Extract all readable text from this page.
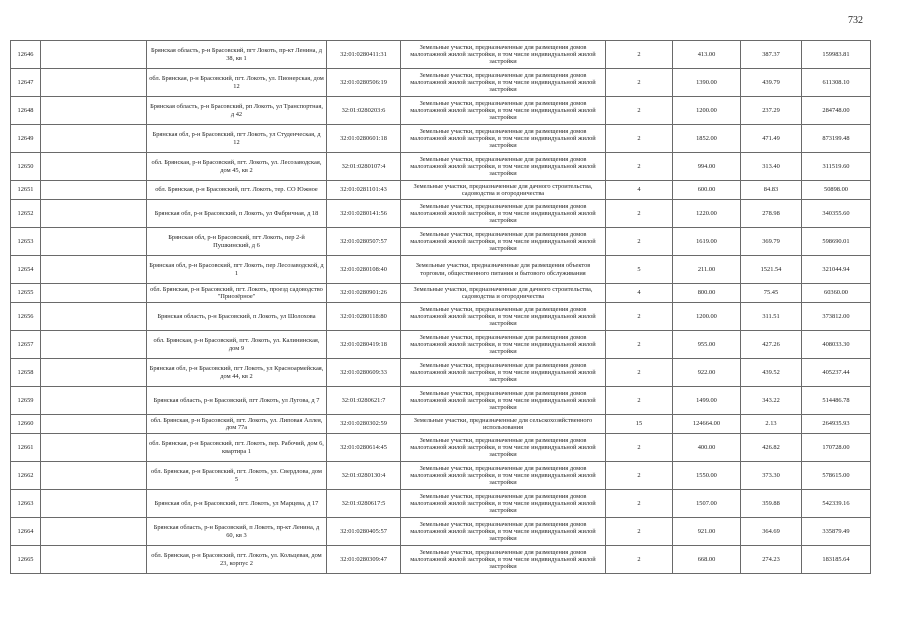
732
12646		Брянская область, р-н Брасовский, пгт Локоть, пр-кт Ленина, д 38, кв 1	32:01:0280411:31	Земельные участки, предназначенные для размещения домов малоэтажной жилой застройки, в том числе индивидуальной жилой застройки	2	413.00	387.37	159983.81
12647		обл. Брянская, р-н Брасовский, пгт. Локоть, ул. Пионерская, дом 12	32:01:0280506:19	Земельные участки, предназначенные для размещения домов малоэтажной жилой застройки, в том числе индивидуальной жилой застройки	2	1390.00	439.79	611308.10
12648		Брянская область, р-н Брасовский, рп Локоть, ул Транспортная, д 42	32:01:0280203:6	Земельные участки, предназначенные для размещения домов малоэтажной жилой застройки, в том числе индивидуальной жилой застройки	2	1200.00	237.29	284748.00
12649		Брянская обл, р-н Брасовский, пгт Локоть, ул Студенческая, д 12	32:01:0280601:18	Земельные участки, предназначенные для размещения домов малоэтажной жилой застройки, в том числе индивидуальной жилой застройки	2	1852.00	471.49	873199.48
12650		обл. Брянская, р-н Брасовский, пгт. Локоть, ул. Лесозаводская, дом 45, кв 2	32:01:0280107:4	Земельные участки, предназначенные для размещения домов малоэтажной жилой застройки, в том числе индивидуальной жилой застройки	2	994.00	313.40	311519.60
12651		обл. Брянская, р-н Брасовский, пгт. Локоть, тер. СО Южное	32:01:0281101:43	Земельные участки, предназначенные для дачного строительства, садоводства и огородничества	4	600.00	84.83	50898.00
12652		Брянская обл, р-н Брасовский, п Локоть, ул Фабричная, д 18	32:01:0280141:56	Земельные участки, предназначенные для размещения домов малоэтажной жилой застройки, в том числе индивидуальной жилой застройки	2	1220.00	278.98	340355.60
12653		Брянская обл, р-н Брасовский, пгт Локоть, пер 2-й Пушкинский, д 6	32:01:0280507:57	Земельные участки, предназначенные для размещения домов малоэтажной жилой застройки, в том числе индивидуальной жилой застройки	2	1619.00	369.79	598690.01
12654		Брянская обл, р-н Брасовский, пгт Локоть, пер Лесозаводской, д 1	32:01:0280108:40	Земельные участки, предназначенные для размещения объектов торговли, общественного питания и бытового обслуживания	5	211.00	1521.54	321044.94
12655		обл. Брянская, р-н Брасовский, пгт. Локоть, проезд садоводство "Приозёрное"	32:01:0280901:26	Земельные участки, предназначенные для дачного строительства, садоводства и огородничества	4	800.00	75.45	60360.00
12656		Брянская область, р-н Брасовский, п Локоть, ул Шолохова	32:01:0280118:80	Земельные участки, предназначенные для размещения домов малоэтажной жилой застройки, в том числе индивидуальной жилой застройки	2	1200.00	311.51	373812.00
12657		обл. Брянская, р-н Брасовский, пгт. Локоть, ул. Калининская, дом 9	32:01:0280419:18	Земельные участки, предназначенные для размещения домов малоэтажной жилой застройки, в том числе индивидуальной жилой застройки	2	955.00	427.26	408033.30
12658		Брянская обл, р-н Брасовский, пгт Локоть, ул Красноармейская, дом 44, кв 2	32:01:0280609:33	Земельные участки, предназначенные для размещения домов малоэтажной жилой застройки, в том числе индивидуальной жилой застройки	2	922.00	439.52	405237.44
12659		Брянская область, р-н Брасовский, пгт Локоть, ул Лугова, д 7	32:01:0280621:7	Земельные участки, предназначенные для размещения домов малоэтажной жилой застройки, в том числе индивидуальной жилой застройки	2	1499.00	343.22	514486.78
12660		обл. Брянская, р-н Брасовский, пгт. Локоть, ул. Липовая Аллея, дом 77а	32:01:0280302:59	Земельные участки, предназначенные для сельскохозяйственного использования	15	124664.00	2.13	264935.93
12661		обл. Брянская, р-н Брасовский, пгт. Локоть, пер. Рабочий, дом 6, квартира 1	32:01:0280614:45	Земельные участки, предназначенные для размещения домов малоэтажной жилой застройки, в том числе индивидуальной жилой застройки	2	400.00	426.82	170728.00
12662		обл. Брянская, р-н Брасовский, пгт. Локоть, ул. Свердлова, дом 5	32:01:0280130:4	Земельные участки, предназначенные для размещения домов малоэтажной жилой застройки, в том числе индивидуальной жилой застройки	2	1550.00	373.30	578615.00
12663		Брянская обл, р-н Брасовский, пгт. Локоть, ул Марцева, д 17	32:01:0280617:5	Земельные участки, предназначенные для размещения домов малоэтажной жилой застройки, в том числе индивидуальной жилой застройки	2	1507.00	359.88	542339.16
12664		Брянская область, р-н Брасовский, п Локоть, пр-кт Ленина, д 60, кв 3	32:01:0280405:57	Земельные участки, предназначенные для размещения домов малоэтажной жилой застройки, в том числе индивидуальной жилой застройки	2	921.00	364.69	335879.49
12665		обл. Брянская, р-н Брасовский, пгт. Локоть, ул. Кольцевая, дом 23, корпус 2	32:01:0280309:47	Земельные участки, предназначенные для размещения домов малоэтажной жилой застройки, в том числе индивидуальной жилой застройки	2	668.00	274.23	183185.64
